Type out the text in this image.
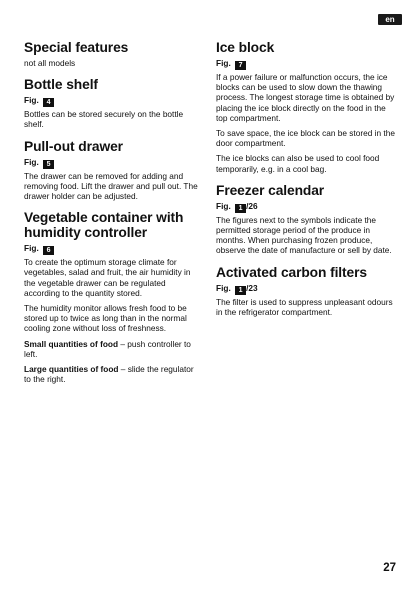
en
Special features

not all models

Bottle shelf
Fig. 4

Bottles can be stored securely on the bottle shelf.

Pull-out drawer
Fig. 5

The drawer can be removed for adding and removing food. Lift the drawer and pull out. The drawer holder can be adjusted.

Vegetable container with humidity controller
Fig. 6

To create the optimum storage climate for vegetables, salad and fruit, the air humidity in the vegetable drawer can be regulated according to the quantity stored.

The humidity monitor allows fresh food to be stored up to twice as long than in the normal cooling zone without loss of freshness.

Small quantities of food – push controller to left.

Large quantities of food – slide the regulator to the right.

Ice block
Fig. 7

If a power failure or malfunction occurs, the ice blocks can be used to slow down the thawing process. The longest storage time is obtained by placing the ice block directly on the food in the top compartment.

To save space, the ice block can be stored in the door compartment.

The ice blocks can also be used to cool food temporarily, e.g. in a cool bag.

Freezer calendar
Fig. 1 /26

The figures next to the symbols indicate the permitted storage period of the produce in months. When purchasing frozen produce, observe the date of manufacture or sell by date.

Activated carbon filters
Fig. 1 /23

The filter is used to suppress unpleasant odours in the refrigerator compartment.

27
